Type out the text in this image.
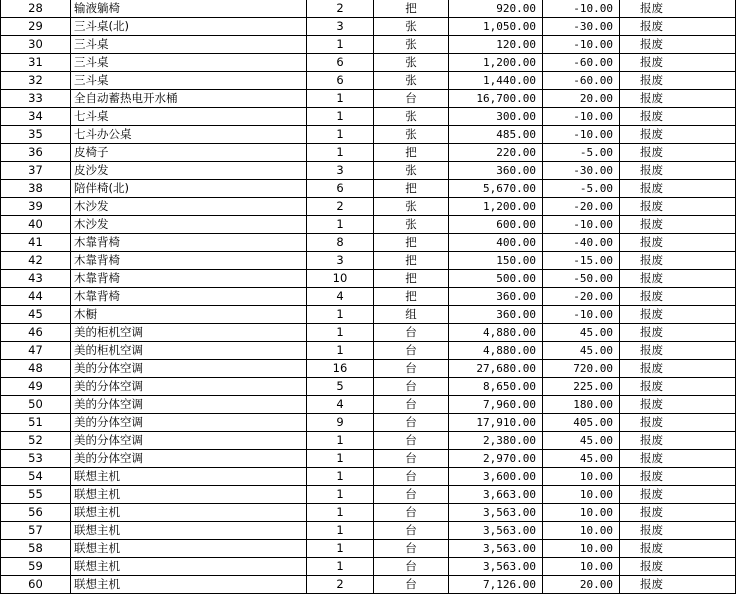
28	输液躺椅	2	把	920.00	-10.00	报废
29	三斗桌(北)	3	张	1,050.00	-30.00	报废
30	三斗桌	1	张	120.00	-10.00	报废
31	三斗桌	6	张	1,200.00	-60.00	报废
32	三斗桌	6	张	1,440.00	-60.00	报废
33	全自动蓄热电开水桶	1	台	16,700.00	20.00	报废
34	七斗桌	1	张	300.00	-10.00	报废
35	七斗办公桌	1	张	485.00	-10.00	报废
36	皮椅子	1	把	220.00	-5.00	报废
37	皮沙发	3	张	360.00	-30.00	报废
38	陪伴椅(北)	6	把	5,670.00	-5.00	报废
39	木沙发	2	张	1,200.00	-20.00	报废
40	木沙发	1	张	600.00	-10.00	报废
41	木靠背椅	8	把	400.00	-40.00	报废
42	木靠背椅	3	把	150.00	-15.00	报废
43	木靠背椅	10	把	500.00	-50.00	报废
44	木靠背椅	4	把	360.00	-20.00	报废
45	木橱	1	组	360.00	-10.00	报废
46	美的柜机空调	1	台	4,880.00	45.00	报废
47	美的柜机空调	1	台	4,880.00	45.00	报废
48	美的分体空调	16	台	27,680.00	720.00	报废
49	美的分体空调	5	台	8,650.00	225.00	报废
50	美的分体空调	4	台	7,960.00	180.00	报废
51	美的分体空调	9	台	17,910.00	405.00	报废
52	美的分体空调	1	台	2,380.00	45.00	报废
53	美的分体空调	1	台	2,970.00	45.00	报废
54	联想主机	1	台	3,600.00	10.00	报废
55	联想主机	1	台	3,663.00	10.00	报废
56	联想主机	1	台	3,563.00	10.00	报废
57	联想主机	1	台	3,563.00	10.00	报废
58	联想主机	1	台	3,563.00	10.00	报废
59	联想主机	1	台	3,563.00	10.00	报废
60	联想主机	2	台	7,126.00	20.00	报废
